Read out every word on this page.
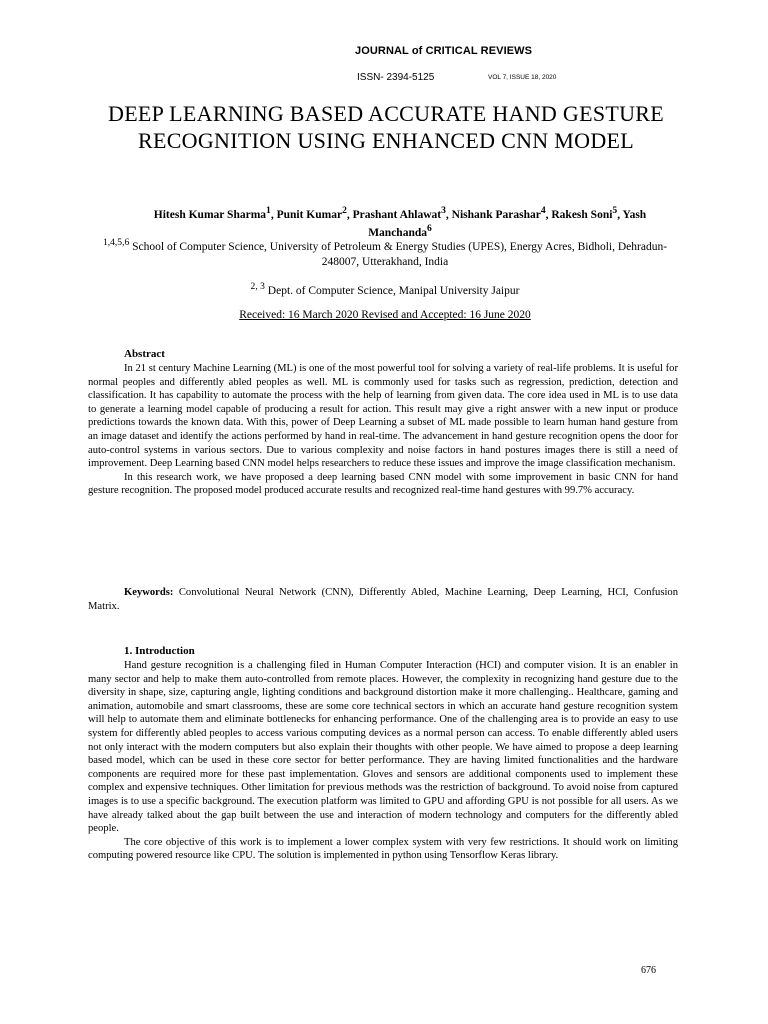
JOURNAL of CRITICAL REVIEWS
ISSN- 2394-5125	VOL 7, ISSUE 18, 2020
DEEP LEARNING BASED ACCURATE HAND GESTURE RECOGNITION USING ENHANCED CNN MODEL
Hitesh Kumar Sharma$^1$, Punit Kumar$^2$, Prashant Ahlawat$^3$, Nishank Parashar$^4$, Rakesh Soni$^5$, Yash Manchanda$^6$
$^{1,4,5,6}$ School of Computer Science, University of Petroleum & Energy Studies (UPES), Energy Acres, Bidholi, Dehradun- 248007, Utterakhand, India
$^{2, 3}$ Dept. of Computer Science, Manipal University Jaipur
Received: 16 March 2020 Revised and Accepted: 16 June 2020
Abstract

In 21 st century Machine Learning (ML) is one of the most powerful tool for solving a variety of real-life problems. It is useful for normal peoples and differently abled peoples as well. ML is commonly used for tasks such as regression, prediction, detection and classification. It has capability to automate the process with the help of learning from given data. The core idea used in ML is to use data to generate a learning model capable of producing a result for action. This result may give a right answer with a new input or produce predictions towards the known data. With this, power of Deep Learning a subset of ML made possible to learn human hand gesture from an image dataset and identify the actions performed by hand in real-time. The advancement in hand gesture recognition opens the door for auto-control systems in various sectors. Due to various complexity and noise factors in hand postures images there is still a need of improvement. Deep Learning based CNN model helps researchers to reduce these issues and improve the image classification mechanism.

In this research work, we have proposed a deep learning based CNN model with some improvement in basic CNN for hand gesture recognition. The proposed model produced accurate results and recognized real-time hand gestures with 99.7% accuracy.

Keywords: Convolutional Neural Network (CNN), Differently Abled, Machine Learning, Deep Learning, HCI, Confusion Matrix.

1. Introduction

Hand gesture recognition is a challenging filed in Human Computer Interaction (HCI) and computer vision. It is an enabler in many sector and help to make them auto-controlled from remote places. However, the complexity in recognizing hand gesture due to the diversity in shape, size, capturing angle, lighting conditions and background distortion make it more challenging.. Healthcare, gaming and animation, automobile and smart classrooms, these are some core technical sectors in which an accurate hand gesture recognition system will help to automate them and eliminate bottlenecks for enhancing performance. One of the challenging area is to provide an easy to use system for differently abled peoples to access various computing devices as a normal person can access. To enable differently abled users not only interact with the modern computers but also explain their thoughts with other people. We have aimed to propose a deep learning based model, which can be used in these core sector for better performance. They are having limited functionalities and the hardware components are required more for these past implementation. Gloves and sensors are additional components used to implement these complex and expensive techniques. Other limitation for previous methods was the restriction of background. To avoid noise from captured images is to use a specific background. The execution platform was limited to GPU and affording GPU is not possible for all users. As we have already talked about the gap built between the use and interaction of modern technology and computers for the differently abled people.

The core objective of this work is to implement a lower complex system with very few restrictions. It should work on limiting computing powered resource like CPU. The solution is implemented in python using Tensorflow Keras library.

676
